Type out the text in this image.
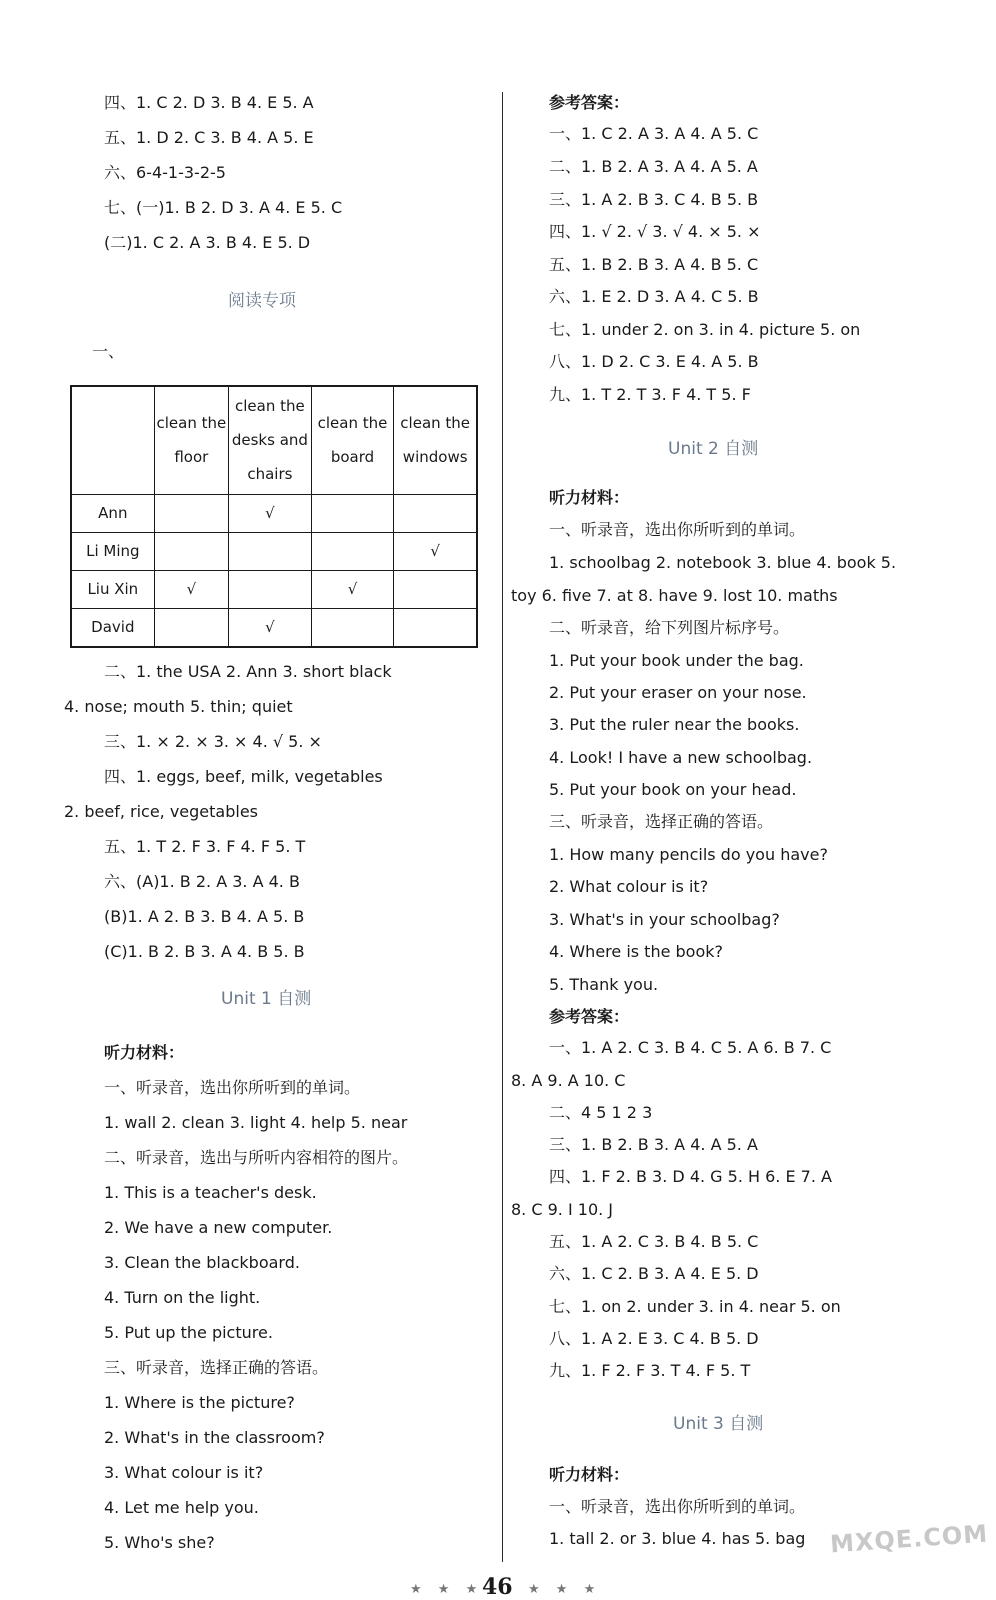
四、1. C 2. D 3. B 4. E 5. A
五、1. D 2. C 3. B 4. A 5. E
六、6-4-1-3-2-5
七、(一)1. B 2. D 3. A 4. E 5. C
(二)1. C 2. A 3. B 4. E 5. D
阅读专项
一、
	clean the floor	clean the desks and chairs	clean the board	clean the windows
Ann		√		
Li Ming				√
Liu Xin	√		√	
David		√		
二、1. the USA 2. Ann 3. short black
4. nose; mouth 5. thin; quiet
三、1. × 2. × 3. × 4. √ 5. ×
四、1. eggs, beef, milk, vegetables
2. beef, rice, vegetables
五、1. T 2. F 3. F 4. F 5. T
六、(A)1. B 2. A 3. A 4. B
(B)1. A 2. B 3. B 4. A 5. B
(C)1. B 2. B 3. A 4. B 5. B
Unit 1 自测
听力材料：
一、听录音，选出你所听到的单词。
1. wall 2. clean 3. light 4. help 5. near
二、听录音，选出与所听内容相符的图片。
1. This is a teacher's desk.
2. We have a new computer.
3. Clean the blackboard.
4. Turn on the light.
5. Put up the picture.
三、听录音，选择正确的答语。
1. Where is the picture?
2. What's in the classroom?
3. What colour is it?
4. Let me help you.
5. Who's she?
参考答案：
一、1. C 2. A 3. A 4. A 5. C
二、1. B 2. A 3. A 4. A 5. A
三、1. A 2. B 3. C 4. B 5. B
四、1. √ 2. √ 3. √ 4. × 5. ×
五、1. B 2. B 3. A 4. B 5. C
六、1. E 2. D 3. A 4. C 5. B
七、1. under 2. on 3. in 4. picture 5. on
八、1. D 2. C 3. E 4. A 5. B
九、1. T 2. T 3. F 4. T 5. F
Unit 2 自测
听力材料：
一、听录音，选出你所听到的单词。
1. schoolbag 2. notebook 3. blue 4. book 5.
toy 6. five 7. at 8. have 9. lost 10. maths
二、听录音，给下列图片标序号。
1. Put your book under the bag.
2. Put your eraser on your nose.
3. Put the ruler near the books.
4. Look! I have a new schoolbag.
5. Put your book on your head.
三、听录音，选择正确的答语。
1. How many pencils do you have?
2. What colour is it?
3. What's in your schoolbag?
4. Where is the book?
5. Thank you.
参考答案：
一、1. A 2. C 3. B 4. C 5. A 6. B 7. C
8. A 9. A 10. C
二、4 5 1 2 3
三、1. B 2. B 3. A 4. A 5. A
四、1. F 2. B 3. D 4. G 5. H 6. E 7. A
8. C 9. I 10. J
五、1. A 2. C 3. B 4. B 5. C
六、1. C 2. B 3. A 4. E 5. D
七、1. on 2. under 3. in 4. near 5. on
八、1. A 2. E 3. C 4. B 5. D
九、1. F 2. F 3. T 4. F 5. T
Unit 3 自测
听力材料：
一、听录音，选出你所听到的单词。
1. tall 2. or 3. blue 4. has 5. bag
★ ★ ★
46 ★ ★ ★
MXQE.COM
